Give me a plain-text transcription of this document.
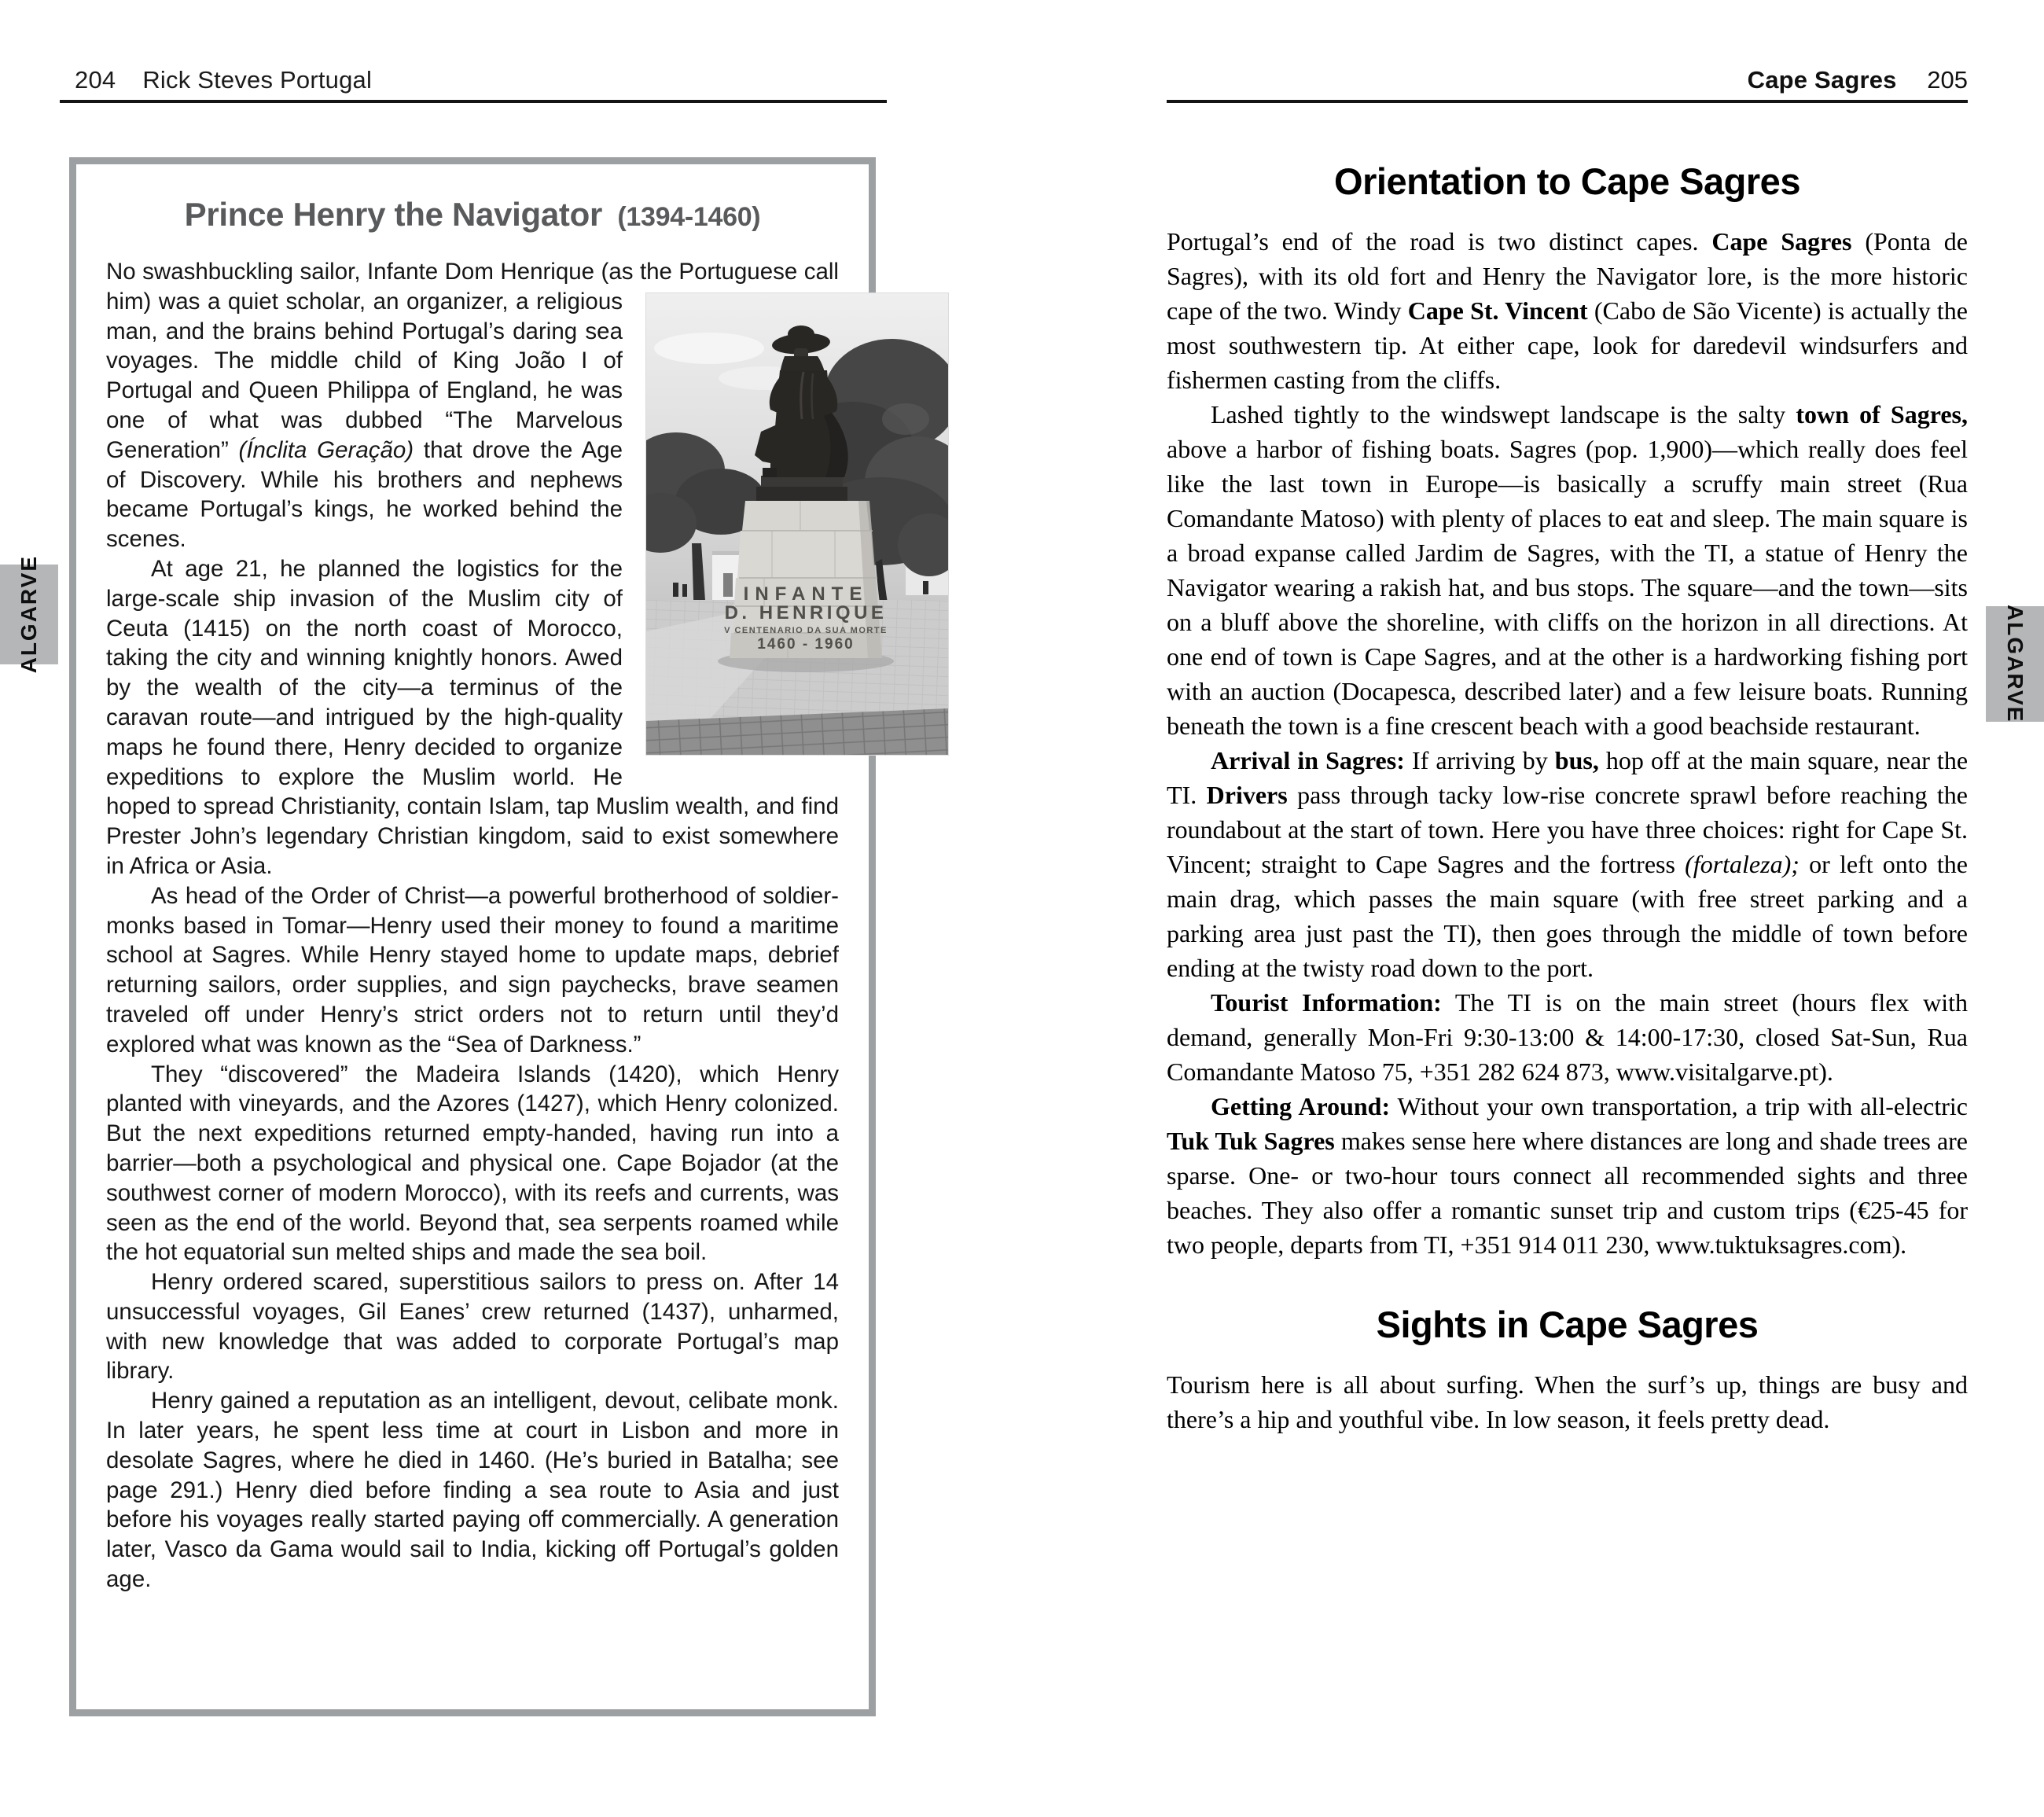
204 Rick Steves Portugal	Cape Sagres 205
ALGARVE	ALGARVE
Prince Henry the Navigator (1394-1460)

No swashbuckling sailor, Infante Dom Henrique (as the Portuguese call him) was a quiet scholar, an organizer, a religious
INFANTE
D. HENRIQUE
V CENTENARIO DA SUA MORTE
1460 - 1960
man, and the brains behind Portugal’s daring sea voyages. The middle child of King João I of Portugal and Queen Philippa of England, he was one of what was dubbed “The Marvelous Generation” (Ínclita Geração) that drove the Age of Discovery. While his brothers and nephews became Portugal’s kings, he worked behind the scenes.

At age 21, he planned the logistics for the large-scale ship invasion of the Muslim city of Ceuta (1415) on the north coast of Morocco, taking the city and winning knightly honors. Awed by the wealth of the city—a terminus of the caravan route—and intrigued by the high-quality maps he found there, Henry decided to organize expeditions to explore the Muslim world. He hoped to spread Christianity, contain Islam, tap Muslim wealth, and find Prester John’s legendary Christian kingdom, said to exist somewhere in Africa or Asia.

As head of the Order of Christ—a powerful brotherhood of soldier-monks based in Tomar—Henry used their money to found a maritime school at Sagres. While Henry stayed home to update maps, debrief returning sailors, order supplies, and sign paychecks, brave seamen traveled off under Henry’s strict orders not to return until they’d explored what was known as the “Sea of Darkness.”

They “discovered” the Madeira Islands (1420), which Henry planted with vineyards, and the Azores (1427), which Henry colonized. But the next expeditions returned empty-handed, having run into a barrier—both a psychological and physical one. Cape Bojador (at the southwest corner of modern Morocco), with its reefs and currents, was seen as the end of the world. Beyond that, sea serpents roamed while the hot equatorial sun melted ships and made the sea boil.

Henry ordered scared, superstitious sailors to press on. After 14 unsuccessful voyages, Gil Eanes’ crew returned (1437), unharmed, with new knowledge that was added to corporate Portugal’s map library.

Henry gained a reputation as an intelligent, devout, celibate monk. In later years, he spent less time at court in Lisbon and more in desolate Sagres, where he died in 1460. (He’s buried in Batalha; see page 291.) Henry died before finding a sea route to Asia and just before his voyages really started paying off commercially. A generation later, Vasco da Gama would sail to India, kicking off Portugal’s golden age.

Orientation to Cape Sagres

Portugal’s end of the road is two distinct capes. Cape Sagres (Ponta de Sagres), with its old fort and Henry the Navigator lore, is the more historic cape of the two. Windy Cape St. Vincent (Cabo de São Vicente) is actually the most southwestern tip. At either cape, look for daredevil windsurfers and fishermen casting from the cliffs.

Lashed tightly to the windswept landscape is the salty town of Sagres, above a harbor of fishing boats. Sagres (pop. 1,900)—which really does feel like the last town in Europe—is basically a scruffy main street (Rua Comandante Matoso) with plenty of places to eat and sleep. The main square is a broad expanse called Jardim de Sagres, with the TI, a statue of Henry the Navigator wearing a rakish hat, and bus stops. The square—and the town—sits on a bluff above the shoreline, with cliffs on the horizon in all directions. At one end of town is Cape Sagres, and at the other is a hardworking fishing port with an auction (Docapesca, described later) and a few leisure boats. Running beneath the town is a fine crescent beach with a good beachside restaurant.

Arrival in Sagres: If arriving by bus, hop off at the main square, near the TI. Drivers pass through tacky low-rise concrete sprawl before reaching the roundabout at the start of town. Here you have three choices: right for Cape St. Vincent; straight to Cape Sagres and the fortress (fortaleza); or left onto the main drag, which passes the main square (with free street parking and a parking area just past the TI), then goes through the middle of town before ending at the twisty road down to the port.

Tourist Information: The TI is on the main street (hours flex with demand, generally Mon-Fri 9:30-13:00 & 14:00-17:30, closed Sat-Sun, Rua Comandante Matoso 75, +351 282 624 873, www.visitalgarve.pt).

Getting Around: Without your own transportation, a trip with all-electric Tuk Tuk Sagres makes sense here where distances are long and shade trees are sparse. One- or two-hour tours connect all recommended sights and three beaches. They also offer a romantic sunset trip and custom trips (€25-45 for two people, departs from TI, +351 914 011 230, www.tuktuksagres.com).

Sights in Cape Sagres

Tourism here is all about surfing. When the surf’s up, things are busy and there’s a hip and youthful vibe. In low season, it feels pretty dead.
